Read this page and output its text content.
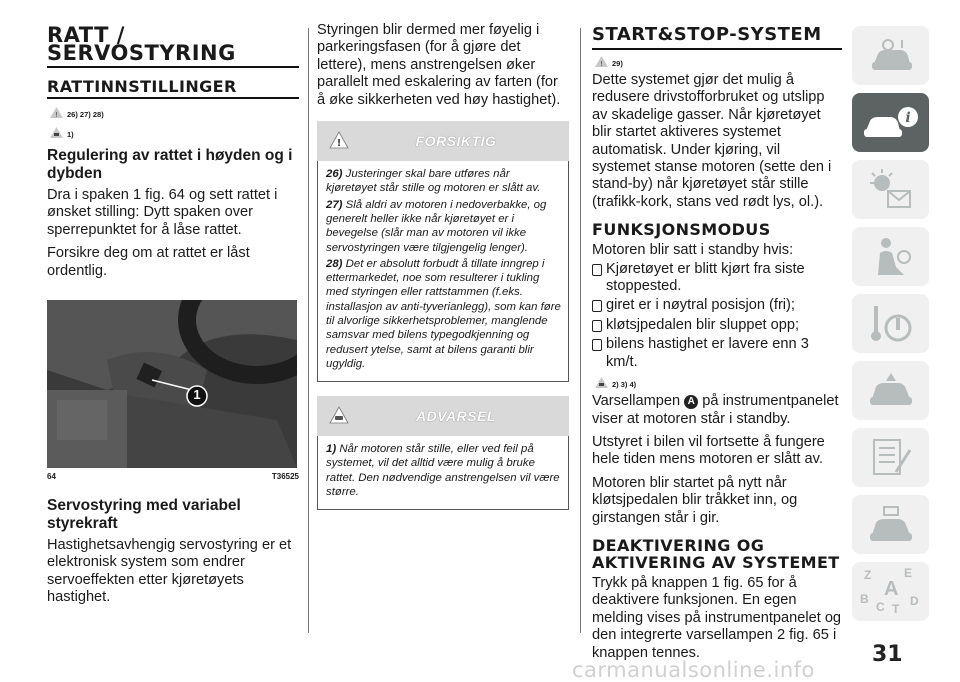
RATT / SERVOSTYRING
RATTINNSTILLINGER
! 26) 27) 28)
1)
Regulering av rattet i høyden og i dybden

Dra i spaken 1 fig. 64 og sett rattet i ønsket stilling: Dytt spaken over sperrepunktet for å låse rattet.

Forsikre deg om at rattet er låst ordentlig.

1
64	T36525
Servostyring med variabel styrekraft

Hastighetsavhengig servostyring er et elektronisk system som endrer servoeffekten etter kjøretøyets hastighet.

Styringen blir dermed mer føyelig i parkeringsfasen (for å gjøre det lettere), mens anstrengelsen øker parallelt med eskalering av farten (for å øke sikkerheten ved høy hastighet).

!	FORSIKTIG

26) Justeringer skal bare utføres når kjøretøyet står stille og motoren er slått av.

27) Slå aldri av motoren i nedoverbakke, og generelt heller ikke når kjøretøyet er i bevegelse (slår man av motoren vil ikke servostyringen være tilgjengelig lenger).

28) Det er absolutt forbudt å tillate inngrep i ettermarkedet, noe som resulterer i tukling med styringen eller rattstammen (f.eks. installasjon av anti-tyverianlegg), som kan føre til alvorlige sikkerhetsproblemer, manglende samsvar med bilens typegodkjenning og redusert ytelse, samt at bilens garanti blir ugyldig.

ADVARSEL

1) Når motoren står stille, eller ved feil på systemet, vil det alltid være mulig å bruke rattet. Den nødvendige anstrengelsen vil være større.

START&STOP-SYSTEM
! 29)

Dette systemet gjør det mulig å redusere drivstofforbruket og utslipp av skadelige gasser. Når kjøretøyet blir startet aktiveres systemet automatisk. Under kjøring, vil systemet stanse motoren (sette den i stand-by) når kjøretøyet står stille (trafikk-kork, stans ved rødt lys, ol.).

FUNKSJONSMODUS

Motoren blir satt i standby hvis:

Kjøretøyet er blitt kjørt fra siste stoppested.
giret er i nøytral posisjon (fri);
kløtsjpedalen blir sluppet opp;
bilens hastighet er lavere enn 3 km/t.
2) 3) 4)

Varsellampen A på instrumentpanelet viser at motoren står i standby.

Utstyret i bilen vil fortsette å fungere hele tiden mens motoren er slått av.

Motoren blir startet på nytt når kløtsjpedalen blir tråkket inn, og girstangen står i gir.

DEAKTIVERING OG AKTIVERING AV SYSTEMET

Trykk på knappen 1 fig. 65 for å deaktivere funksjonen. En egen melding vises på instrumentpanelet og den integrerte varsellampen 2 fig. 65 i knappen tennes.

i
Z	E
A
B
C T
D
31
carmanualsonline.info
